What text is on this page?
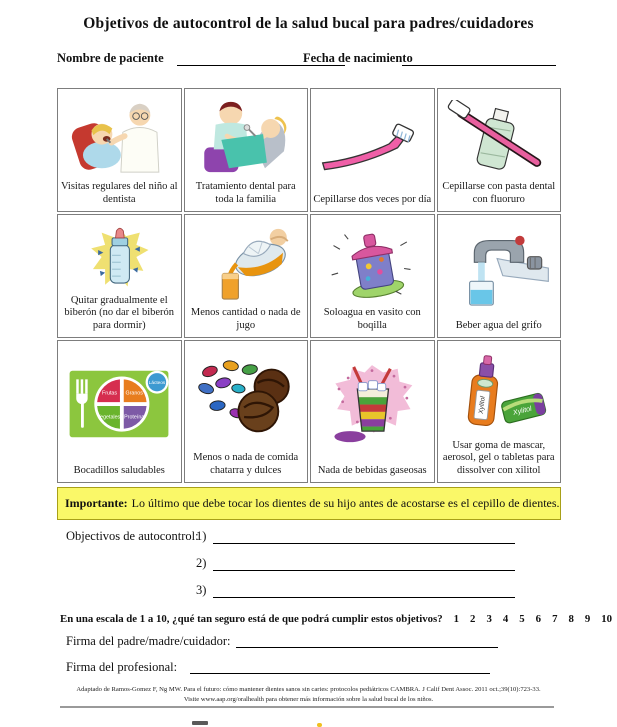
Objetivos de autocontrol de la salud bucal para padres/cuidadores
Nombre de paciente	Fecha de nacimiento
Visitas regulares del niño al dentista
Tratamiento dental para toda la familia	Cepillarse dos veces por día
Cepillarse con pasta dental con fluoruro
Quitar gradualmente el biberón (no dar el biberón para dormir)
Menos cantidad o nada de jugo
Soloagua en vasito con boqilla	Beber agua del grifo
Frutas Granos
Vegetales Proteína
Lácteos
Bocadillos saludables
Menos o nada de comida chatarra y dulces	Nada de bebidas gaseosas
Xylitol	Xylitol
Usar goma de mascar, aerosol, gel o tabletas para dissolver con xilitol
Importante: Lo último que debe tocar los dientes de su hijo antes de acostarse es el cepillo de dientes.
Objectivos de autocontrol:
1)
2)
3)
En una escala de 1 a 10, ¿qué tan seguro está de que podrá cumplir estos objetivos? 1 2 3 4 5 6 7 8 9 10
Firma del padre/madre/cuidador:
Firma del profesional:
Adaptado de Ramos-Gomez F, Ng MW. Para el futuro: cómo mantener dientes sanos sin caries: protocolos pediátricos CAMBRA. J Calif Dent Assoc. 2011 oct.;39(10):723-33.
Visite www.aap.org/oralhealth para obtener más información sobre la salud bucal de los niños.
